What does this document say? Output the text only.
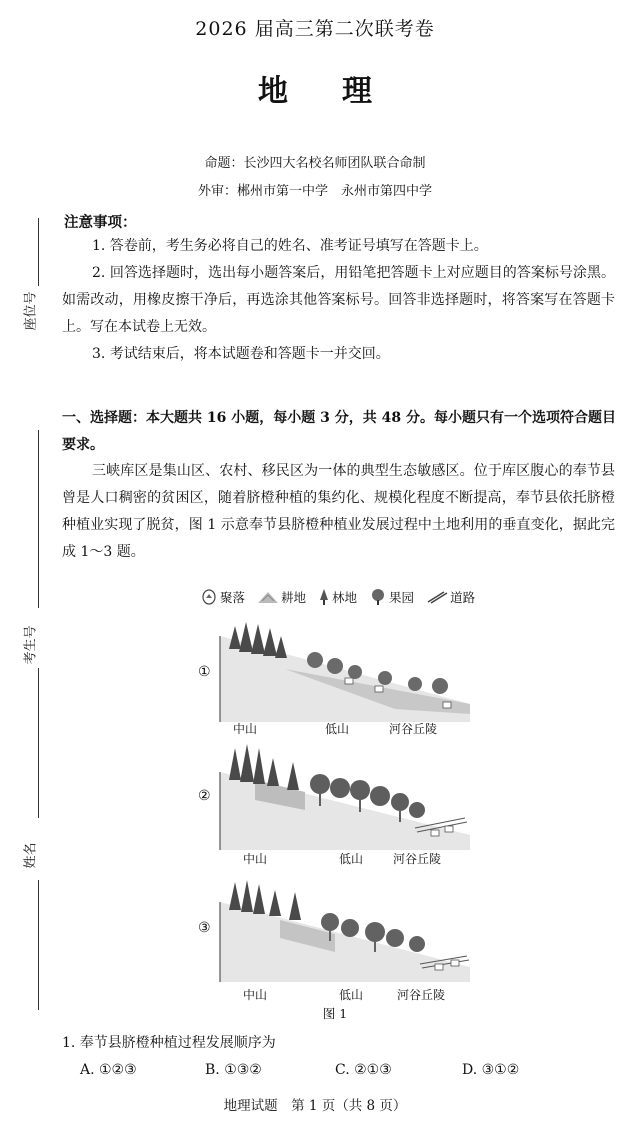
2026 届高三第二次联考卷
地 理
命题：长沙四大名校名师团队联合命制
外审：郴州市第一中学　永州市第四中学
座位号
考生号
姓名
注意事项：

1. 答卷前，考生务必将自己的姓名、准考证号填写在答题卡上。

2. 回答选择题时，选出每小题答案后，用铅笔把答题卡上对应题目的答案标号涂黑。如需改动，用橡皮擦干净后，再选涂其他答案标号。回答非选择题时，将答案写在答题卡上。写在本试卷上无效。

3. 考试结束后，将本试题卷和答题卡一并交回。

一、选择题：本大题共 16 小题，每小题 3 分，共 48 分。每小题只有一个选项符合题目要求。

三峡库区是集山区、农村、移民区为一体的典型生态敏感区。位于库区腹心的奉节县曾是人口稠密的贫困区，随着脐橙种植的集约化、规模化程度不断提高，奉节县依托脐橙种植业实现了脱贫，图 1 示意奉节县脐橙种植业发展过程中土地利用的垂直变化，据此完成 1～3 题。

聚落	耕地 林地	果园	道路
①
中山	低山	河谷丘陵
②
中山	低山 河谷丘陵
③
中山	低山	河谷丘陵
图 1
1. 奉节县脐橙种植过程发展顺序为
A. ①②③	B. ①③②	C. ②①③	D. ③①②
地理试题　第 1 页（共 8 页）
